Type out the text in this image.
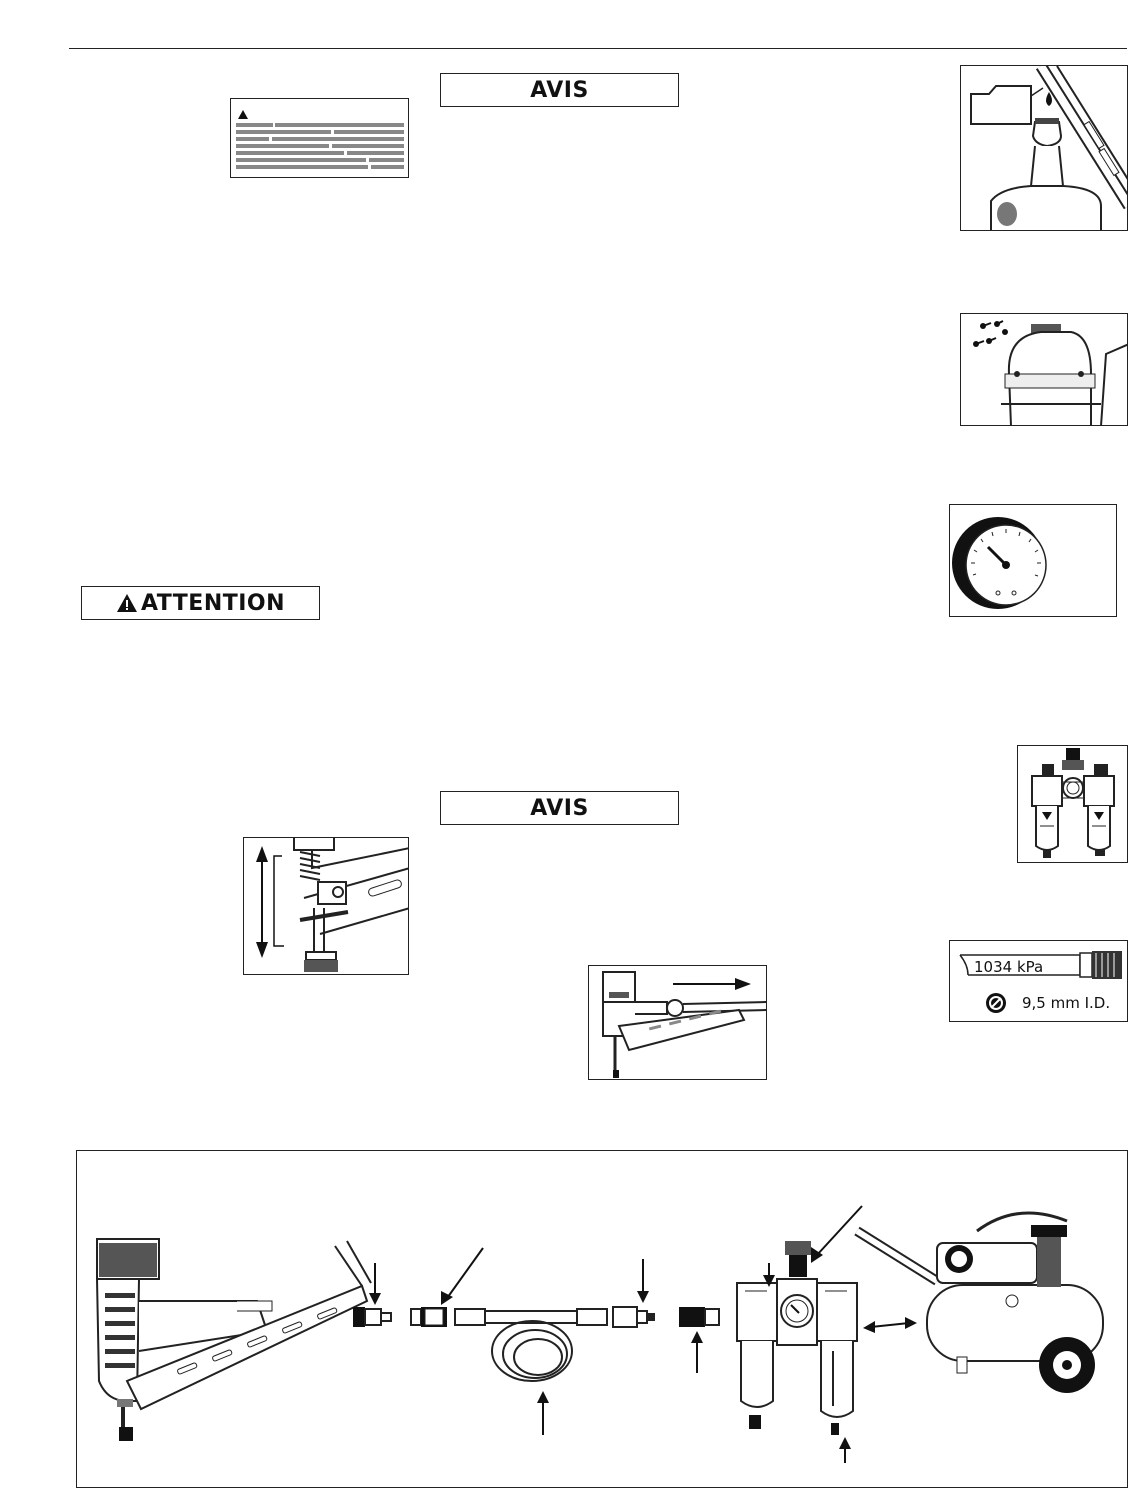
AVIS
ATTENTION
AVIS
1034 kPa
9,5 mm I.D.
